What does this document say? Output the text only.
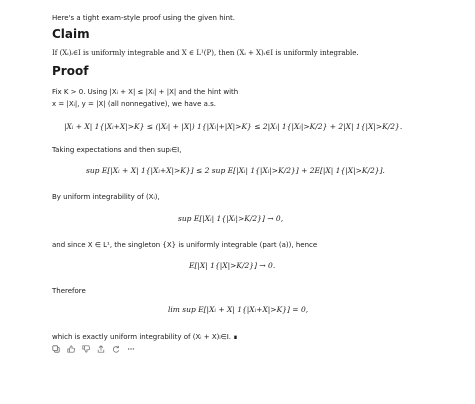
Here's a tight exam-style proof using the given hint.

Claim

If (Xᵢ)ᵢ∈I is uniformly integrable and X ∈ L¹(P), then (Xᵢ + X)ᵢ∈I is uniformly integrable.

Proof

Fix K > 0. Using |Xᵢ + X| ≤ |Xᵢ| + |X| and the hint with

x = |Xᵢ|, y = |X| (all nonnegative), we have a.s.

|Xᵢ + X| 1{|Xᵢ+X|>K} ≤ (|Xᵢ| + |X|) 1{|Xᵢ|+|X|>K} ≤ 2|Xᵢ| 1{|Xᵢ|>K/2} + 2|X| 1{|X|>K/2}.

Taking expectations and then supᵢ∈I,

sup E[|Xᵢ + X| 1{|Xᵢ+X|>K}] ≤ 2 sup E[|Xᵢ| 1{|Xᵢ|>K/2}] + 2E[|X| 1{|X|>K/2}].

By uniform integrability of (Xᵢ),

sup E[|Xᵢ| 1{|Xᵢ|>K/2}] → 0,

and since X ∈ L¹, the singleton {X} is uniformly integrable (part (a)), hence

E[|X| 1{|X|>K/2}] → 0.

Therefore

lim sup E[|Xᵢ + X| 1{|Xᵢ+X|>K}] = 0,

which is exactly uniform integrability of (Xᵢ + X)ᵢ∈I. ∎
